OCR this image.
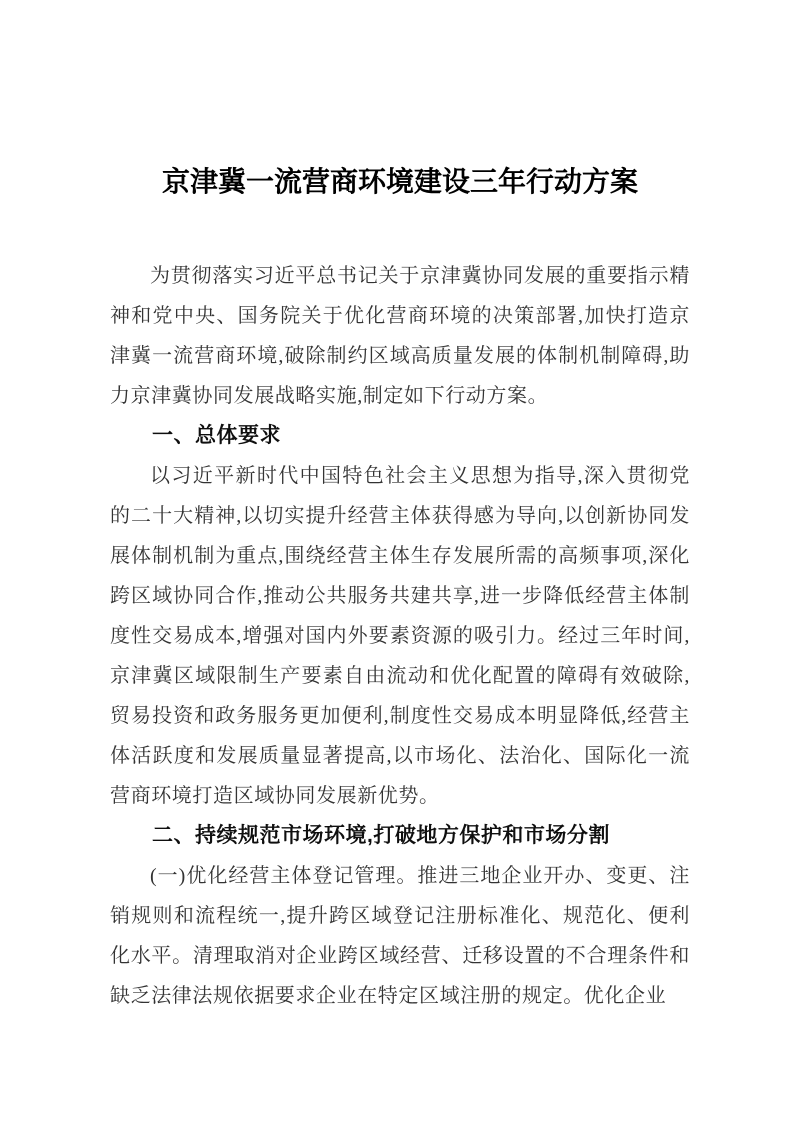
京津冀一流营商环境建设三年行动方案

为贯彻落实习近平总书记关于京津冀协同发展的重要指示精神和党中央、国务院关于优化营商环境的决策部署,加快打造京津冀一流营商环境,破除制约区域高质量发展的体制机制障碍,助力京津冀协同发展战略实施,制定如下行动方案。

一、总体要求

以习近平新时代中国特色社会主义思想为指导,深入贯彻党的二十大精神,以切实提升经营主体获得感为导向,以创新协同发展体制机制为重点,围绕经营主体生存发展所需的高频事项,深化跨区域协同合作,推动公共服务共建共享,进一步降低经营主体制度性交易成本,增强对国内外要素资源的吸引力。经过三年时间,京津冀区域限制生产要素自由流动和优化配置的障碍有效破除,贸易投资和政务服务更加便利,制度性交易成本明显降低,经营主体活跃度和发展质量显著提高,以市场化、法治化、国际化一流营商环境打造区域协同发展新优势。

二、持续规范市场环境,打破地方保护和市场分割

(一)优化经营主体登记管理。推进三地企业开办、变更、注销规则和流程统一,提升跨区域登记注册标准化、规范化、便利化水平。清理取消对企业跨区域经营、迁移设置的不合理条件和缺乏法律法规依据要求企业在特定区域注册的规定。优化企业
